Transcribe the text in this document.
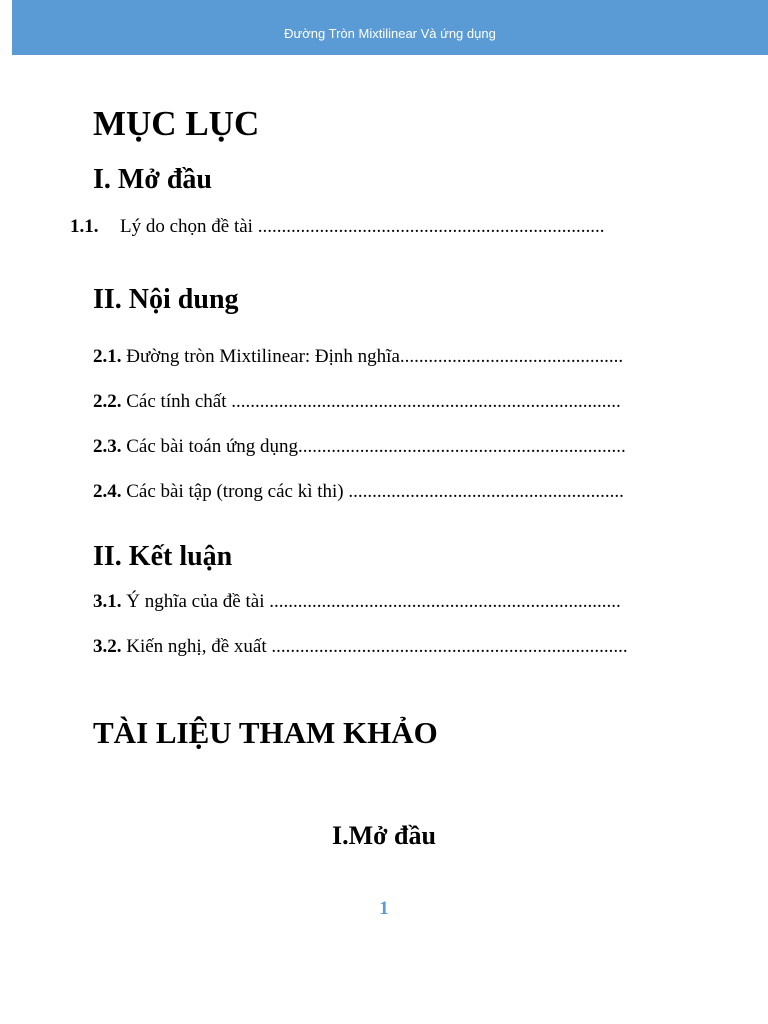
Đường Tròn Mixtilinear Và ứng dụng
MỤC LỤC
I. Mở đầu
1.1. Lý do chọn đề tài .........................................................................
II. Nội dung
2.1. Đường tròn Mixtilinear: Định nghĩa...............................................
2.2. Các tính chất ..................................................................................
2.3. Các bài toán ứng dụng.....................................................................
2.4. Các bài tập (trong các kì thi) ..........................................................
II. Kết luận
3.1. Ý nghĩa của đề tài ..........................................................................
3.2. Kiến nghị, đề xuất ...........................................................................
TÀI LIỆU THAM KHẢO
I.Mở đầu
1
